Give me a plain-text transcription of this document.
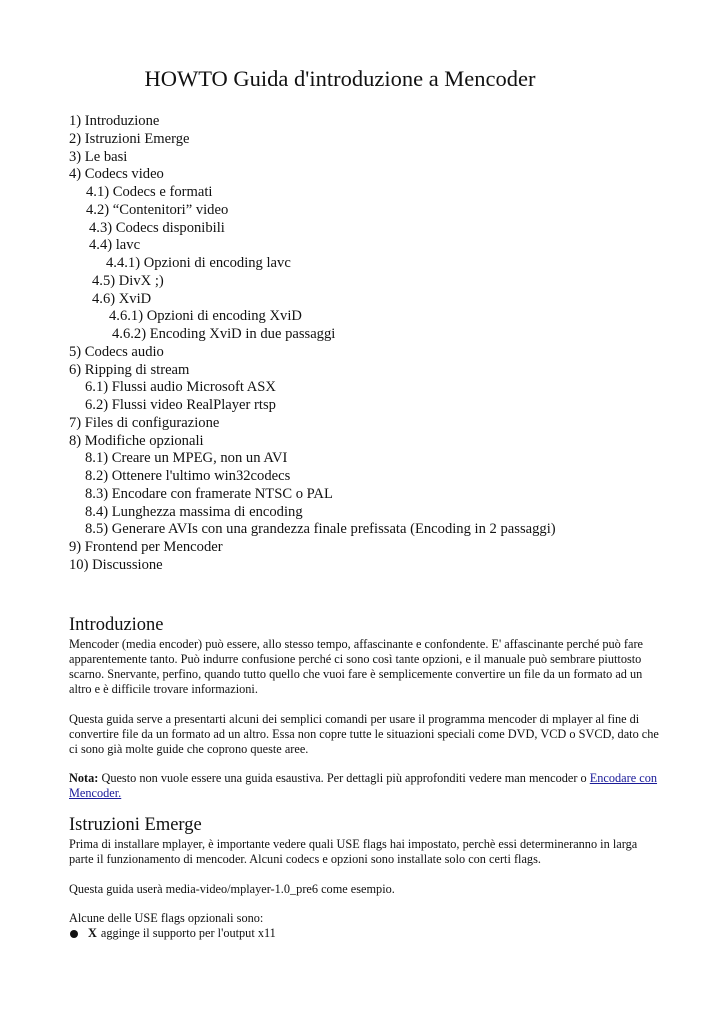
HOWTO Guida d'introduzione a Mencoder
1) Introduzione
2) Istruzioni Emerge
3) Le basi
4) Codecs video
4.1) Codecs e formati
4.2) “Contenitori” video
4.3) Codecs disponibili
4.4) lavc
4.4.1) Opzioni di encoding lavc
4.5) DivX ;)
4.6) XviD
4.6.1) Opzioni di encoding XviD
4.6.2) Encoding XviD in due passaggi
5) Codecs audio
6) Ripping di stream
6.1) Flussi audio Microsoft ASX
6.2) Flussi video RealPlayer rtsp
7) Files di configurazione
8) Modifiche opzionali
8.1) Creare un MPEG, non un AVI
8.2) Ottenere l'ultimo win32codecs
8.3) Encodare con framerate NTSC o PAL
8.4) Lunghezza massima di encoding
8.5) Generare AVIs con una grandezza finale prefissata (Encoding in 2 passaggi)
9) Frontend per Mencoder
10) Discussione
Introduzione

Mencoder (media encoder) può essere, allo stesso tempo, affascinante e confondente. E' affascinante perché può fare apparentemente tanto. Può indurre confusione perché ci sono così tante opzioni, e il manuale può sembrare piuttosto scarno. Snervante, perfino, quando tutto quello che vuoi fare è semplicemente convertire un file da un formato ad un altro e è difficile trovare informazioni.

Questa guida serve a presentarti alcuni dei semplici comandi per usare il programma mencoder di mplayer al fine di convertire file da un formato ad un altro. Essa non copre tutte le situazioni speciali come DVD, VCD o SVCD, dato che ci sono già molte guide che coprono queste aree.

Nota: Questo non vuole essere una guida esaustiva. Per dettagli più approfonditi vedere man mencoder o Encodare con Mencoder.

Istruzioni Emerge

Prima di installare mplayer, è importante vedere quali USE flags hai impostato, perchè essi determineranno in larga parte il funzionamento di mencoder. Alcuni codecs e opzioni sono installate solo con certi flags.

Questa guida userà media-video/mplayer-1.0_pre6 come esempio.

Alcune delle USE flags opzionali sono:

X agginge il supporto per l'output x11
